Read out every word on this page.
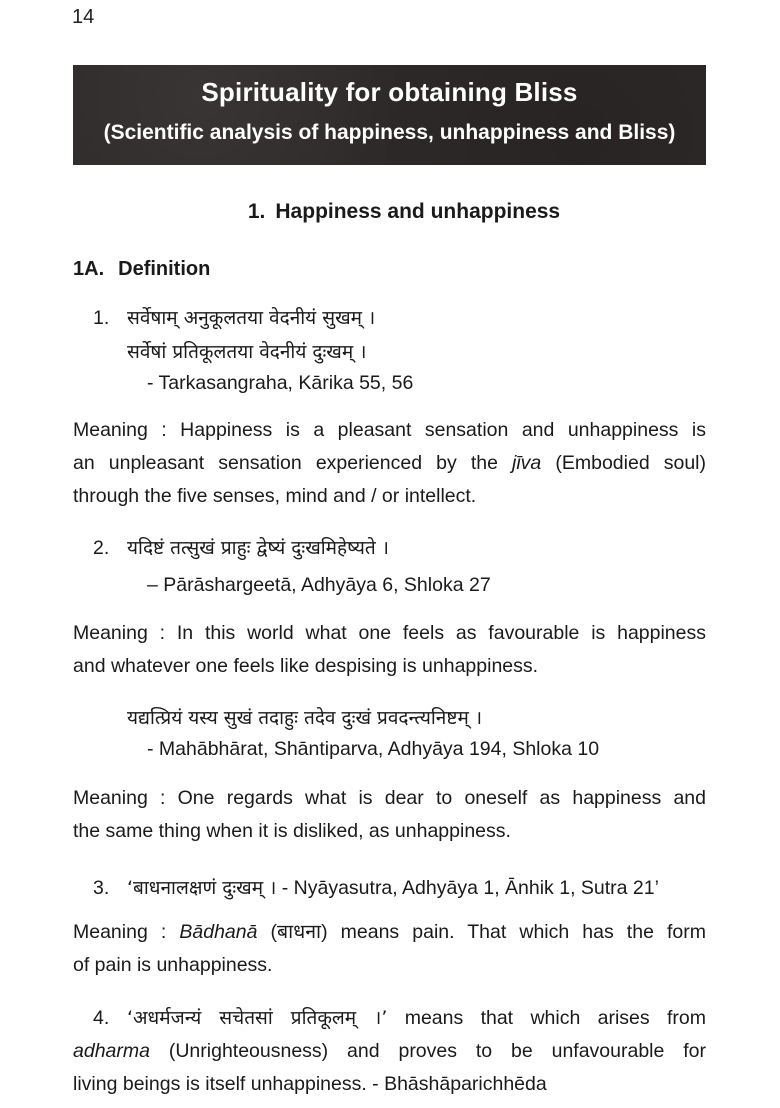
14
Spirituality for obtaining Bliss
(Scientific analysis of happiness, unhappiness and Bliss)
1. Happiness and unhappiness
1A. Definition
1. सर्वेषाम् अनुकूलतया वेदनीयं सुखम् ।
सर्वेषां प्रतिकूलतया वेदनीयं दुःखम् ।
- Tarkasangraha, Kārika 55, 56
Meaning : Happiness is a pleasant sensation and unhappiness is
an unpleasant sensation experienced by the jīva (Embodied soul)
through the five senses, mind and / or intellect.
2. यदिष्टं तत्सुखं प्राहुः द्वेष्यं दुःखमिहेष्यते ।
– Pārāshargeetā, Adhyāya 6, Shloka 27
Meaning : In this world what one feels as favourable is happiness
and whatever one feels like despising is unhappiness.
यद्यत्प्रियं यस्य सुखं तदाहुः तदेव दुःखं प्रवदन्त्यनिष्टम् ।
- Mahābhārat, Shāntiparva, Adhyāya 194, Shloka 10
Meaning : One regards what is dear to oneself as happiness and
the same thing when it is disliked, as unhappiness.
3. ‘बाधनालक्षणं दुःखम् । - Nyāyasutra, Adhyāya 1, Ānhik 1, Sutra 21’
Meaning : Bādhanā (बाधना) means pain. That which has the form
of pain is unhappiness.
4. ‘अधर्मजन्यं सचेतसां प्रतिकूलम् ।’ means that which arises from
adharma (Unrighteousness) and proves to be unfavourable for
living beings is itself unhappiness. - Bhāshāparichhēda
